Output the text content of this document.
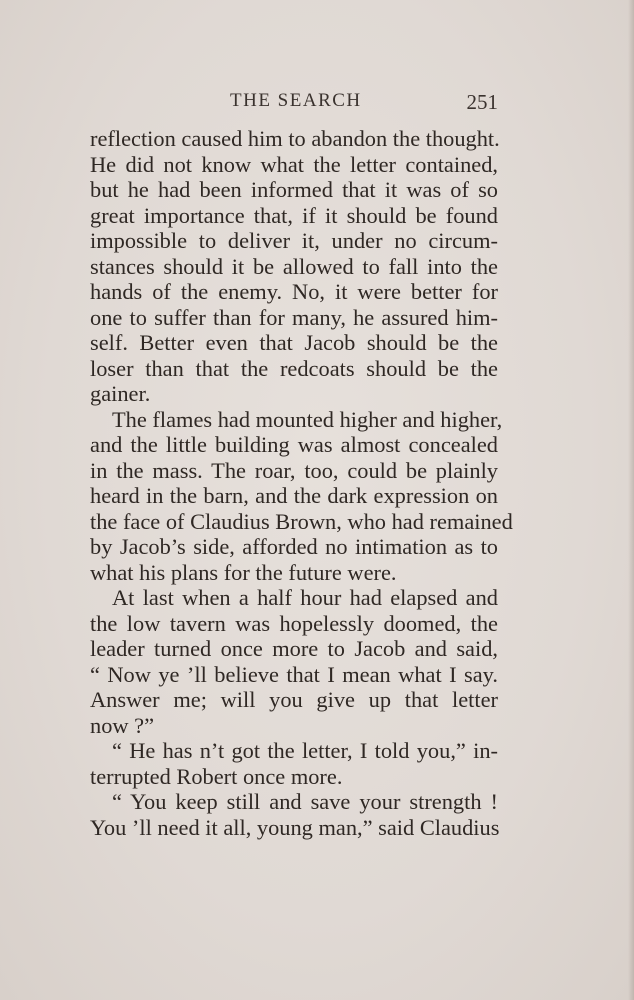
THE SEARCH	251
reflection caused him to abandon the thought.
He did not know what the letter contained,
but he had been informed that it was of so
great importance that, if it should be found
impossible to deliver it, under no circum-
stances should it be allowed to fall into the
hands of the enemy. No, it were better for
one to suffer than for many, he assured him-
self. Better even that Jacob should be the
loser than that the redcoats should be the
gainer.
The flames had mounted higher and higher,
and the little building was almost concealed
in the mass. The roar, too, could be plainly
heard in the barn, and the dark expression on
the face of Claudius Brown, who had remained
by Jacob’s side, afforded no intimation as to
what his plans for the future were.
At last when a half hour had elapsed and
the low tavern was hopelessly doomed, the
leader turned once more to Jacob and said,
“ Now ye ’ll believe that I mean what I say.
Answer me; will you give up that letter
now ?”
“ He has n’t got the letter, I told you,” in-
terrupted Robert once more.
“ You keep still and save your strength !
You ’ll need it all, young man,” said Claudius
